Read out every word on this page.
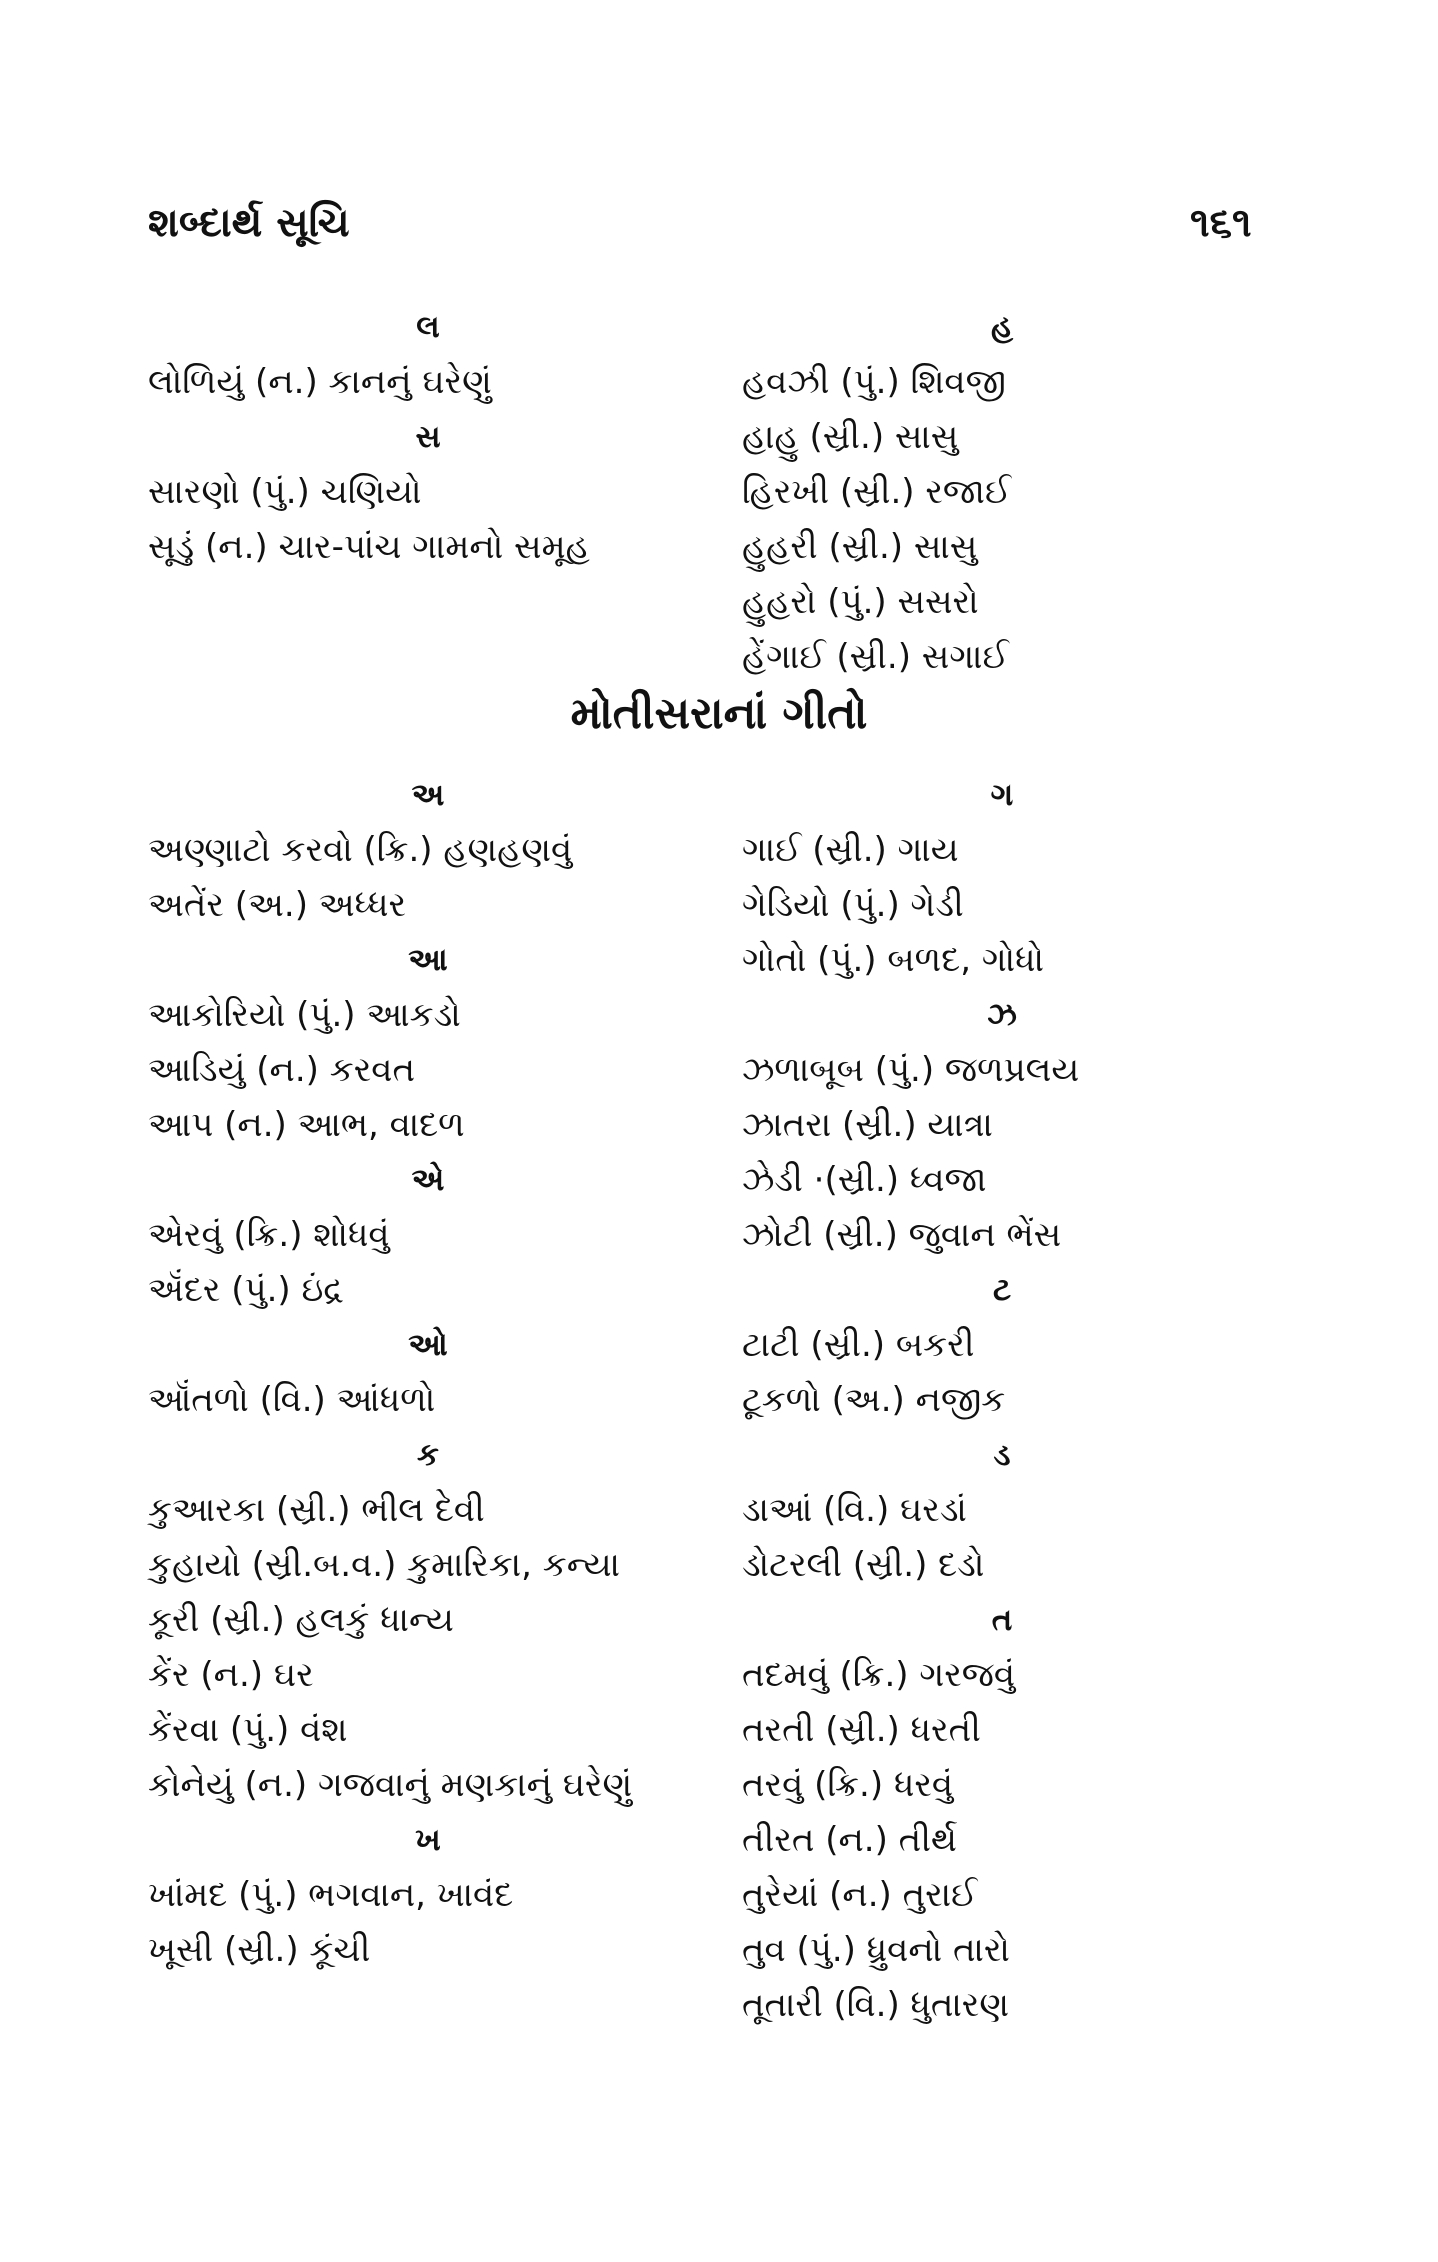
શબ્દાર્થ સૂચિ	૧૬૧
લ
લોળિયું (ન.) કાનનું ઘરેણું
સ
સારણો (પું.) ચણિયો
સૂડું (ન.) ચાર-પાંચ ગામનો સમૂહ
હ
હવઝી (પું.) શિવજી
હાહુ (સ્રી.) સાસુ
હિરખી (સ્રી.) રજાઈ
હુહરી (સ્રી.) સાસુ
હુહરો (પું.) સસરો
હેંગાઈ (સ્રી.) સગાઈ
મોતીસરાનાં ગીતો
અ
અણ્ણાટો કરવો (ક્રિ.) હણહણવું
અતેંર (અ.) અધ્ધર
આ
આકોરિયો (પું.) આકડો
આડિયું (ન.) કરવત
આપ (ન.) આભ, વાદળ
એ
એરવું (ક્રિ.) શોધવું
ઍંદર (પું.) ઇંદ્ર
ઓ
ઑંતળો (વિ.) આંધળો
ક
કુઆરકા (સ્રી.) ભીલ દેવી
કુહાયો (સ્રી.બ.વ.) કુમારિકા, કન્યા
કૂરી (સ્રી.) હલકું ધાન્ય
કેંર (ન.) ઘર
કેંરવા (પું.) વંશ
કોનેયું (ન.) ગજવાનું મણકાનું ઘરેણું
ખ
ખાંમદ (પું.) ભગવાન, ખાવંદ
ખૂસી (સ્રી.) કૂંચી
ગ
ગાઈ (સ્રી.) ગાય
ગેડિયો (પું.) ગેડી
ગોતો (પું.) બળદ, ગોધો
ઝ
ઝળાબૂબ (પું.) જળપ્રલય
ઝાતરા (સ્રી.) યાત્રા
ઝેડી ·(સ્રી.) ધ્વજા
ઝોટી (સ્રી.) જુવાન ભેંસ
ટ
ટાટી (સ્રી.) બકરી
ટૂકળો (અ.) નજીક
ડ
ડાઆં (વિ.) ઘરડાં
ડોટરલી (સ્રી.) દડો
ત
તદમવું (ક્રિ.) ગરજવું
તરતી (સ્રી.) ધરતી
તરવું (ક્રિ.) ધરવું
તીરત (ન.) તીર્થ
તુરેયાં (ન.) તુરાઈ
તુવ (પું.) ધ્રુવનો તારો
તૂતારી (વિ.) ધુતારણ
